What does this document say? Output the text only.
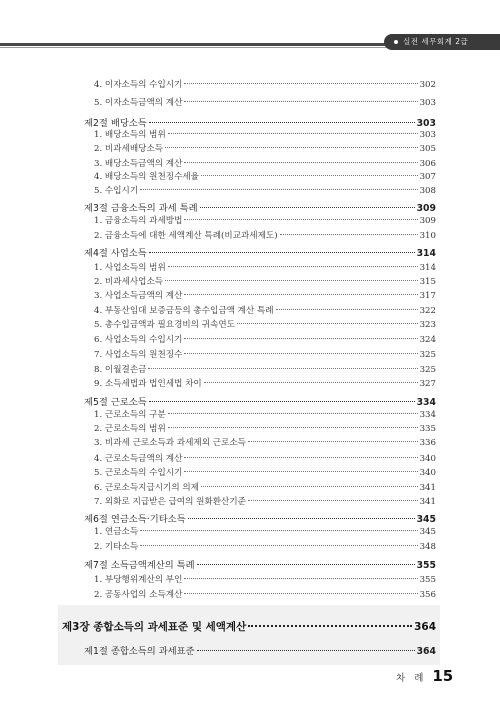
실전 세무회계 2급
4. 이자소득의 수입시기	302
5. 이자소득금액의 계산	303
제2절 배당소득	303
1. 배당소득의 범위	303
2. 비과세배당소득	305
3. 배당소득금액의 계산	306
4. 배당소득의 원천징수세율	307
5. 수입시기	308
제3절 금융소득의 과세 특례	309
1. 금융소득의 과세방법	309
2. 금융소득에 대한 세액계산 특례(비교과세제도)	310
제4절 사업소득	314
1. 사업소득의 범위	314
2. 비과세사업소득	315
3. 사업소득금액의 계산	317
4. 부동산임대 보증금등의 총수입금액 계산 특례	322
5. 총수입금액과 필요경비의 귀속연도	323
6. 사업소득의 수입시기	324
7. 사업소득의 원천징수	325
8. 이월결손금	325
9. 소득세법과 법인세법 차이	327
제5절 근로소득	334
1. 근로소득의 구분	334
2. 근로소득의 범위	335
3. 비과세 근로소득과 과세제외 근로소득	336
4. 근로소득금액의 계산	340
5. 근로소득의 수입시기	340
6. 근로소득지급시기의 의제	341
7. 외화로 지급받은 급여의 원화환산기준	341
제6절 연금소득·기타소득	345
1. 연금소득	345
2. 기타소득	348
제7절 소득금액계산의 특례	355
1. 부당행위계산의 부인	355
2. 공동사업의 소득계산	356
제3장 종합소득의 과세표준 및 세액계산	364
제1절 종합소득의 과세표준	364
차 례 15
